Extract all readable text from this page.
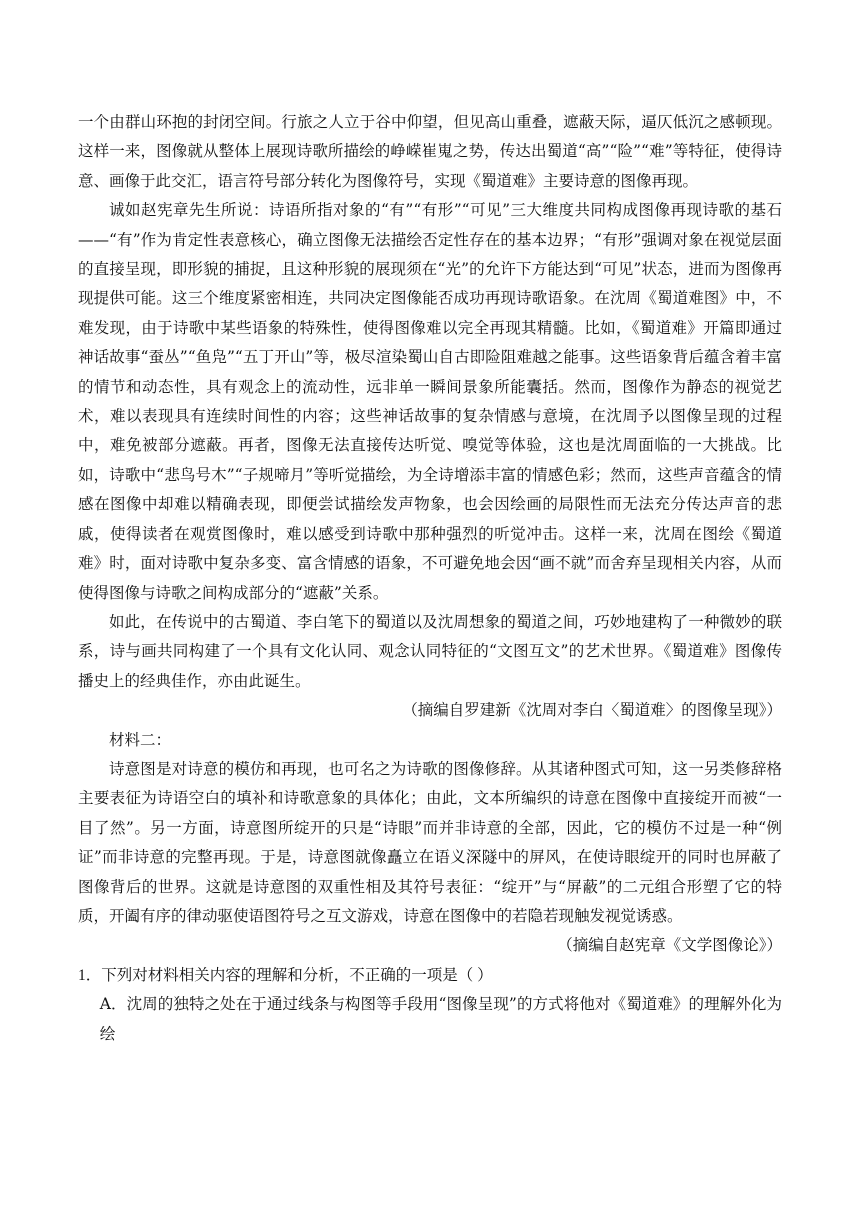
一个由群山环抱的封闭空间。行旅之人立于谷中仰望，但见高山重叠，遮蔽天际，逼仄低沉之感顿现。这样一来，图像就从整体上展现诗歌所描绘的峥嵘崔嵬之势，传达出蜀道“高”“险”“难”等特征，使得诗意、画像于此交汇，语言符号部分转化为图像符号，实现《蜀道难》主要诗意的图像再现。

诚如赵宪章先生所说：诗语所指对象的“有”“有形”“可见”三大维度共同构成图像再现诗歌的基石——“有”作为肯定性表意核心，确立图像无法描绘否定性存在的基本边界；“有形”强调对象在视觉层面的直接呈现，即形貌的捕捉，且这种形貌的展现须在“光”的允许下方能达到“可见”状态，进而为图像再现提供可能。这三个维度紧密相连，共同决定图像能否成功再现诗歌语象。在沈周《蜀道难图》中，不难发现，由于诗歌中某些语象的特殊性，使得图像难以完全再现其精髓。比如，《蜀道难》开篇即通过神话故事“蚕丛”“鱼凫”“五丁开山”等，极尽渲染蜀山自古即险阻难越之能事。这些语象背后蕴含着丰富的情节和动态性，具有观念上的流动性，远非单一瞬间景象所能囊括。然而，图像作为静态的视觉艺术，难以表现具有连续时间性的内容；这些神话故事的复杂情感与意境，在沈周予以图像呈现的过程中，难免被部分遮蔽。再者，图像无法直接传达听觉、嗅觉等体验，这也是沈周面临的一大挑战。比如，诗歌中“悲鸟号木”“子规啼月”等听觉描绘，为全诗增添丰富的情感色彩；然而，这些声音蕴含的情感在图像中却难以精确表现，即便尝试描绘发声物象，也会因绘画的局限性而无法充分传达声音的悲戚，使得读者在观赏图像时，难以感受到诗歌中那种强烈的听觉冲击。这样一来，沈周在图绘《蜀道难》时，面对诗歌中复杂多变、富含情感的语象，不可避免地会因“画不就”而舍弃呈现相关内容，从而使得图像与诗歌之间构成部分的“遮蔽”关系。

如此，在传说中的古蜀道、李白笔下的蜀道以及沈周想象的蜀道之间，巧妙地建构了一种微妙的联系，诗与画共同构建了一个具有文化认同、观念认同特征的“文图互文”的艺术世界。《蜀道难》图像传播史上的经典佳作，亦由此诞生。

（摘编自罗建新《沈周对李白〈蜀道难〉的图像呈现》）

材料二：

诗意图是对诗意的模仿和再现，也可名之为诗歌的图像修辞。从其诸种图式可知，这一另类修辞格主要表征为诗语空白的填补和诗歌意象的具体化；由此，文本所编织的诗意在图像中直接绽开而被“一目了然”。另一方面，诗意图所绽开的只是“诗眼”而并非诗意的全部，因此，它的模仿不过是一种“例证”而非诗意的完整再现。于是，诗意图就像矗立在语义深隧中的屏风，在使诗眼绽开的同时也屏蔽了图像背后的世界。这就是诗意图的双重性相及其符号表征：“绽开”与“屏蔽”的二元组合形塑了它的特质，开阖有序的律动驱使语图符号之互文游戏，诗意在图像中的若隐若现触发视觉诱惑。

（摘编自赵宪章《文学图像论》）

1．下列对材料相关内容的理解和分析，不正确的一项是（ ）

A．沈周的独特之处在于通过线条与构图等手段用“图像呈现”的方式将他对《蜀道难》的理解外化为绘
